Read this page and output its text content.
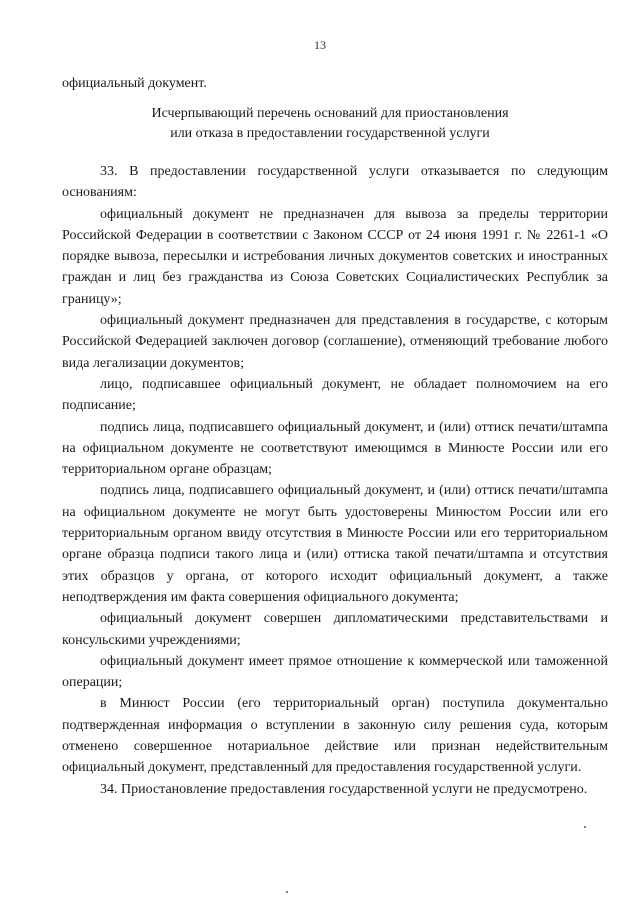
13
официальный документ.
Исчерпывающий перечень оснований для приостановления
или отказа в предоставлении государственной услуги

33. В предоставлении государственной услуги отказывается по следующим основаниям:

официальный документ не предназначен для вывоза за пределы территории Российской Федерации в соответствии с Законом СССР от 24 июня 1991 г. № 2261-1 «О порядке вывоза, пересылки и истребования личных документов советских и иностранных граждан и лиц без гражданства из Союза Советских Социалистических Республик за границу»;

официальный документ предназначен для представления в государстве, с которым Российской Федерацией заключен договор (соглашение), отменяющий требование любого вида легализации документов;

лицо, подписавшее официальный документ, не обладает полномочием на его подписание;

подпись лица, подписавшего официальный документ, и (или) оттиск печати/штампа на официальном документе не соответствуют имеющимся в Минюсте России или его территориальном органе образцам;

подпись лица, подписавшего официальный документ, и (или) оттиск печати/штампа на официальном документе не могут быть удостоверены Минюстом России или его территориальным органом ввиду отсутствия в Минюсте России или его территориальном органе образца подписи такого лица и (или) оттиска такой печати/штампа и отсутствия этих образцов у органа, от которого исходит официальный документ, а также неподтверждения им факта совершения официального документа;

официальный документ совершен дипломатическими представительствами и консульскими учреждениями;

официальный документ имеет прямое отношение к коммерческой или таможенной операции;

в Минюст России (его территориальный орган) поступила документально подтвержденная информация о вступлении в законную силу решения суда, которым отменено совершенное нотариальное действие или признан недействительным официальный документ, представленный для предоставления государственной услуги.

34. Приостановление предоставления государственной услуги не предусмотрено.
